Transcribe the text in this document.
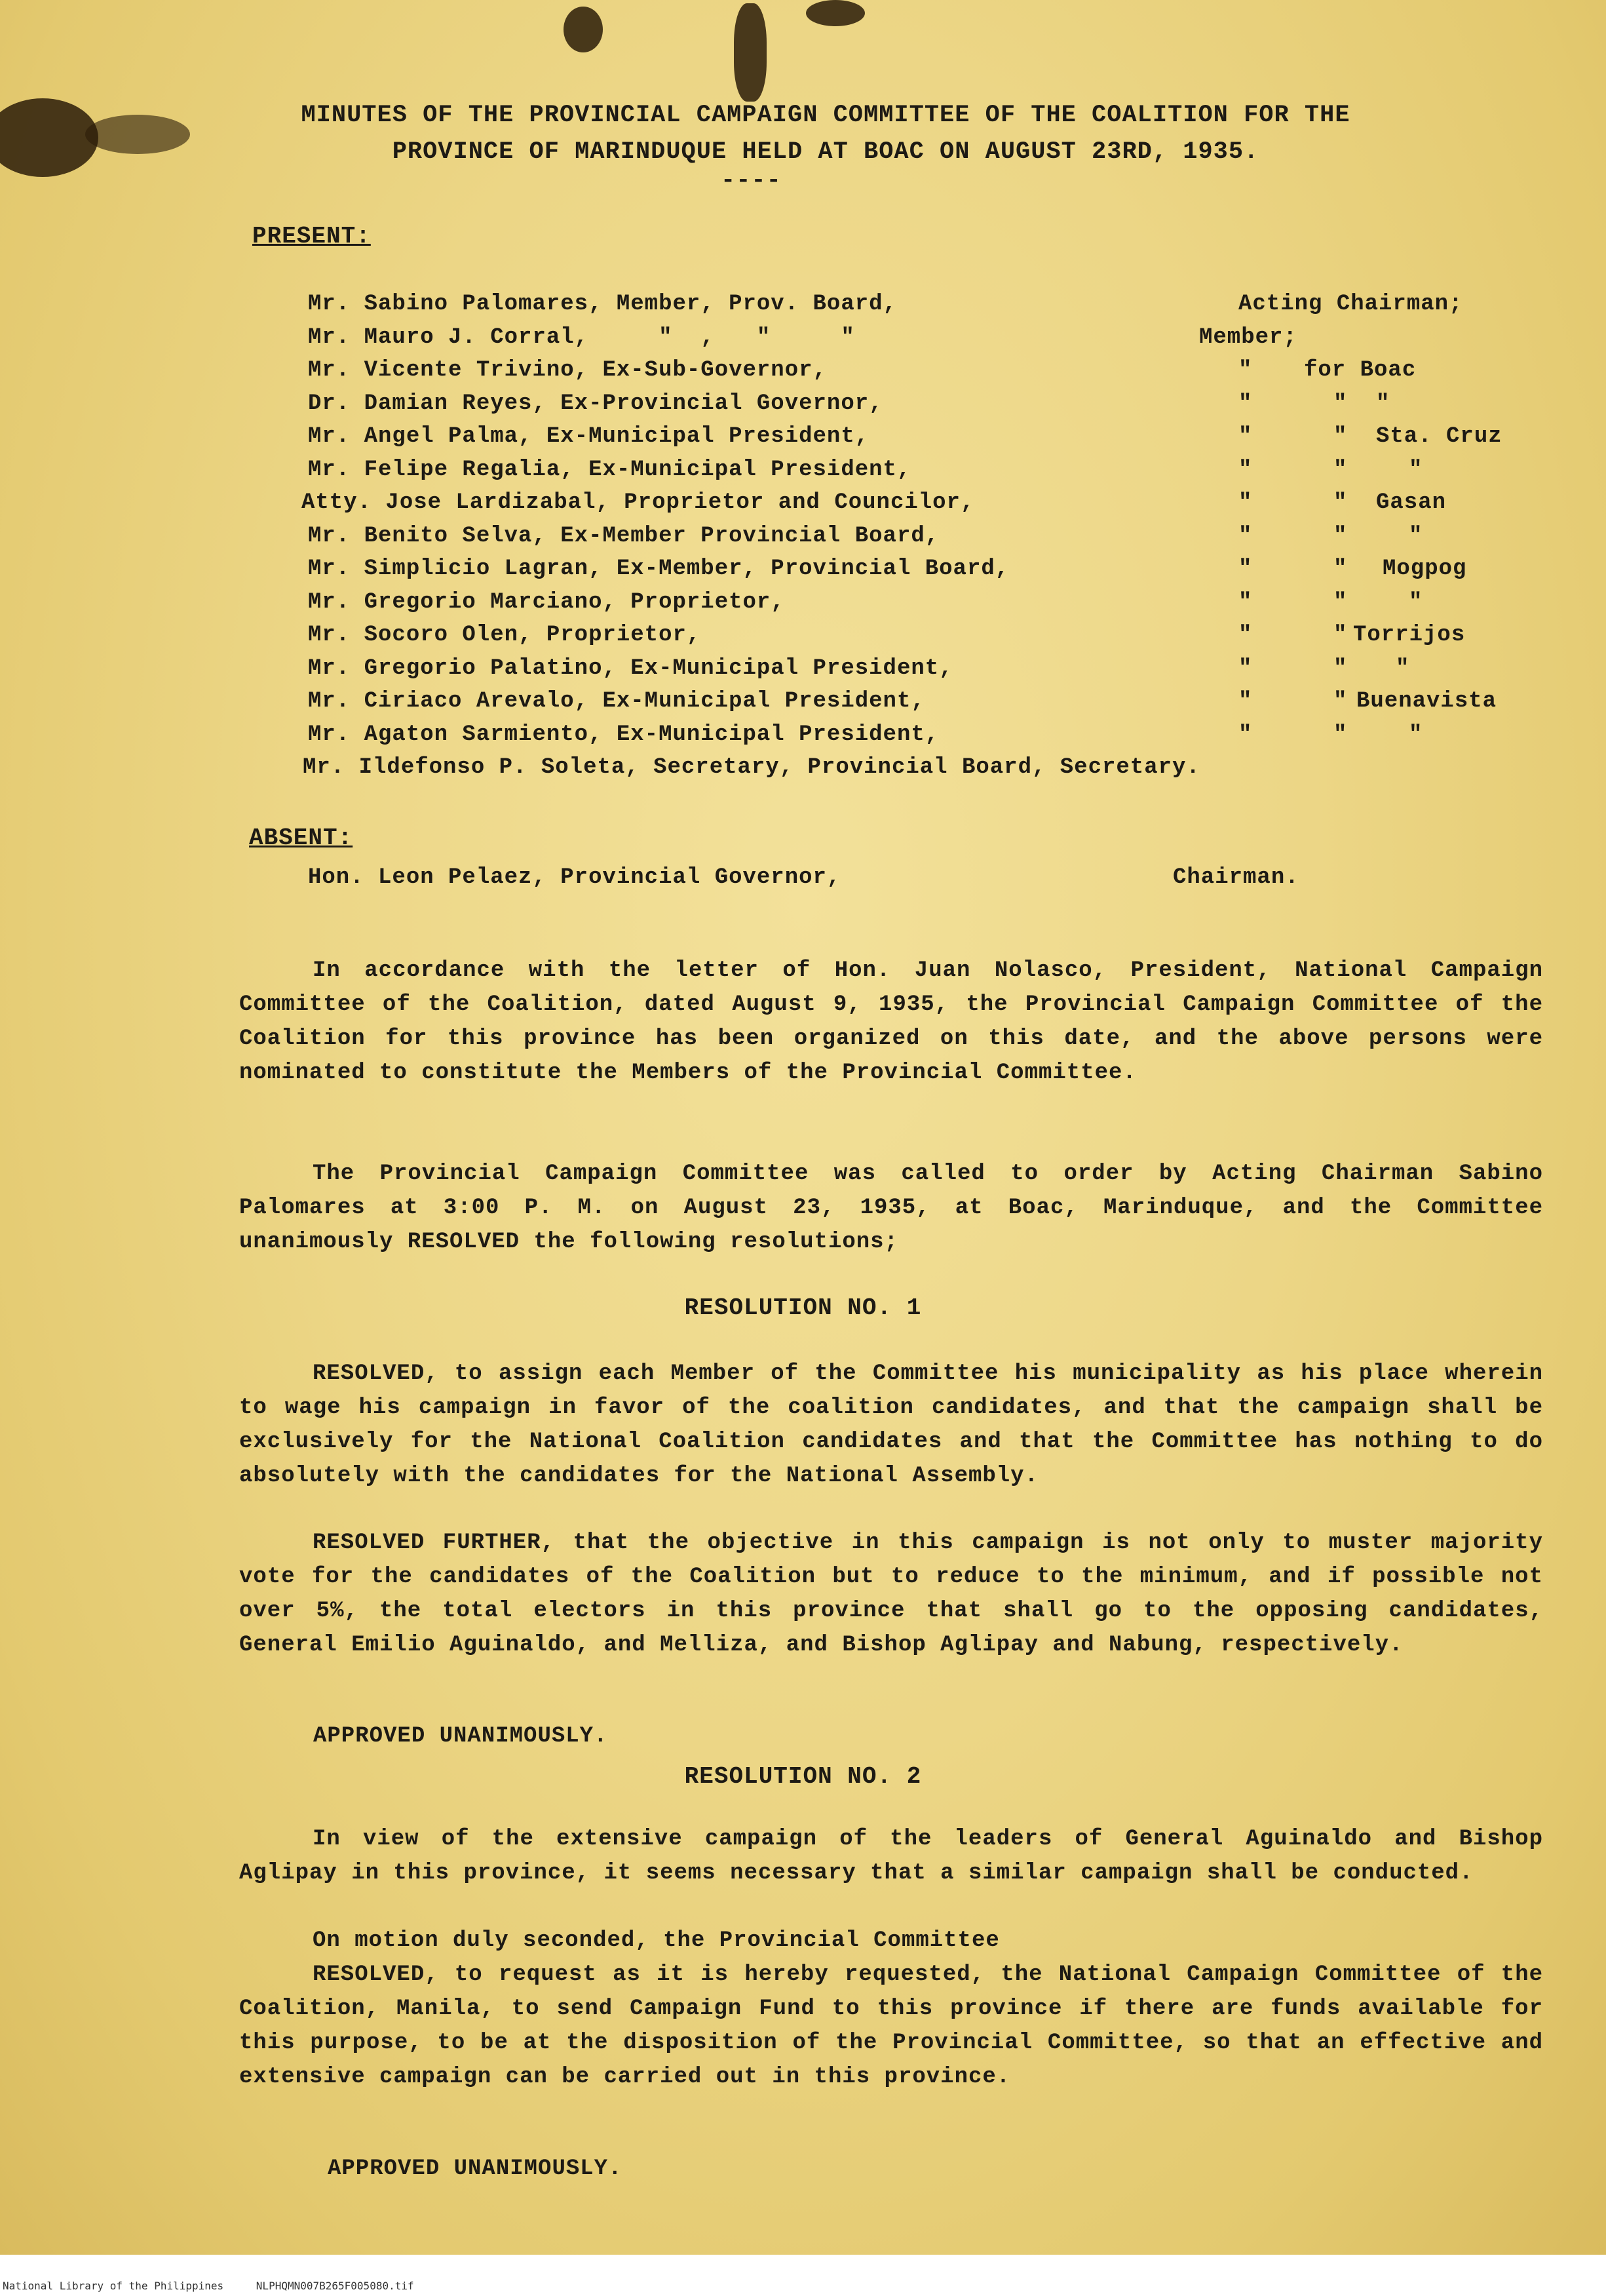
MINUTES OF THE PROVINCIAL CAMPAIGN COMMITTEE OF THE COALITION FOR THE
PROVINCE OF MARINDUQUE HELD AT BOAC ON AUGUST 23RD, 1935.
----
PRESENT:
Mr. Sabino Palomares, Member, Prov. Board,	Acting Chairman;
Mr. Mauro J. Corral,     "  ,   "     "	Member;
Mr. Vicente Trivino, Ex-Sub-Governor,	" for Boac
Dr. Damian Reyes, Ex-Provincial Governor,	"	" "
Mr. Angel Palma, Ex-Municipal President,	"	" Sta. Cruz
Mr. Felipe Regalia, Ex-Municipal President,	"	"	"
Atty. Jose Lardizabal, Proprietor and Councilor,	"	" Gasan
Mr. Benito Selva, Ex-Member Provincial Board,	"	"	"
Mr. Simplicio Lagran, Ex-Member, Provincial Board,	"	" Mogpog
Mr. Gregorio Marciano, Proprietor,	"	"	"
Mr. Socoro Olen, Proprietor,	"	" Torrijos
Mr. Gregorio Palatino, Ex-Municipal President,	"	" "
Mr. Ciriaco Arevalo, Ex-Municipal President,	"	" Buenavista
Mr. Agaton Sarmiento, Ex-Municipal President,	"	"	"
Mr. Ildefonso P. Soleta, Secretary, Provincial Board, Secretary.
ABSENT:
Hon. Leon Pelaez, Provincial Governor,	Chairman.
In accordance with the letter of Hon. Juan Nolasco, President, National Campaign Committee of the Coalition, dated August 9, 1935, the Provincial Campaign Committee of the Coalition for this province has been organized on this date, and the above persons were nominated to constitute the Members of the Provincial Committee.
The Provincial Campaign Committee was called to order by Acting Chairman Sabino Palomares at 3:00 P. M. on August 23, 1935, at Boac, Marinduque, and the Committee unanimously RESOLVED the following resolutions;
RESOLUTION NO. 1
RESOLVED, to assign each Member of the Committee his municipality as his place wherein to wage his campaign in favor of the coalition candidates, and that the campaign shall be exclusively for the National Coalition candidates and that the Committee has nothing to do absolutely with the candidates for the National Assembly.
RESOLVED FURTHER, that the objective in this campaign is not only to muster majority vote for the candidates of the Coalition but to reduce to the minimum, and if possible not over 5%, the total electors in this province that shall go to the opposing candidates, General Emilio Aguinaldo, and Melliza, and Bishop Aglipay and Nabung, respectively.
APPROVED UNANIMOUSLY.
RESOLUTION NO. 2
In view of the extensive campaign of the leaders of General Aguinaldo and Bishop Aglipay in this province, it seems necessary that a similar campaign shall be conducted.
On motion duly seconded, the Provincial Committee
RESOLVED, to request as it is hereby requested, the National Campaign Committee of the Coalition, Manila, to send Campaign Fund to this province if there are funds available for this purpose, to be at the disposition of the Provincial Committee, so that an effective and extensive campaign can be carried out in this province.
APPROVED UNANIMOUSLY.
National Library of the Philippines	NLPHQMN007B265F005080.tif
